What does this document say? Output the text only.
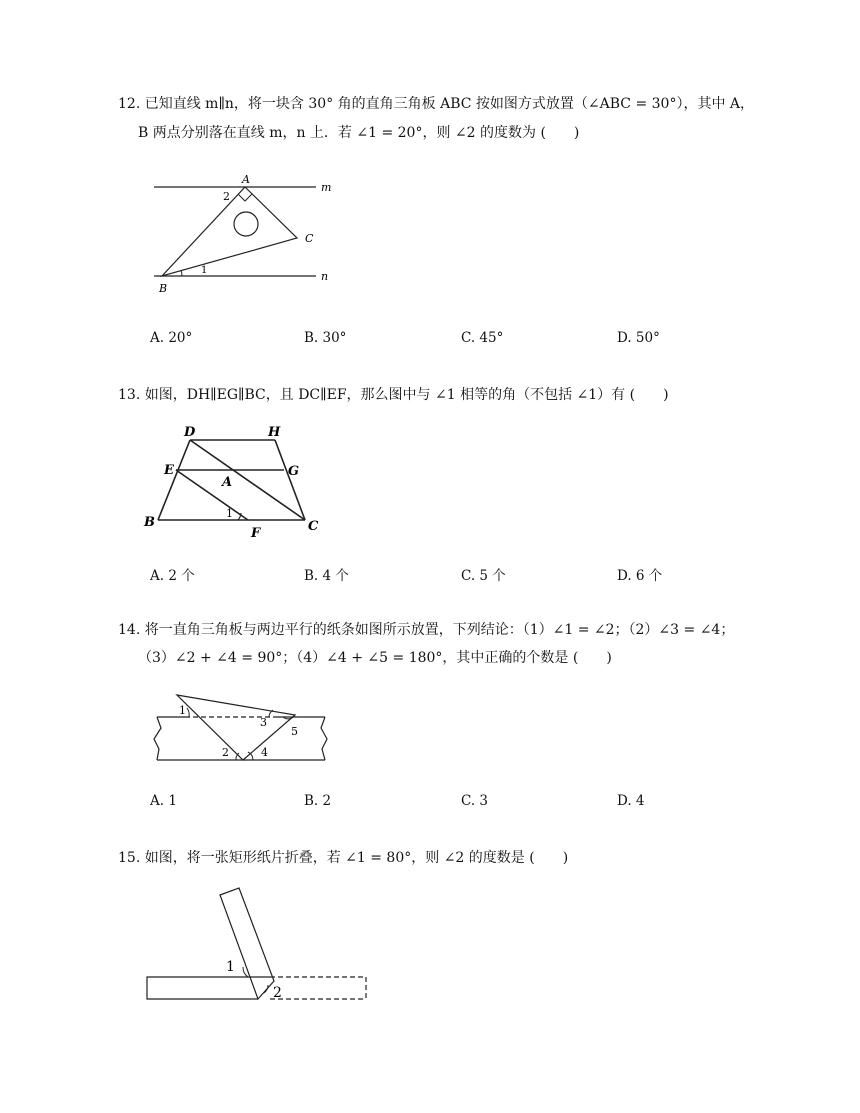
12. 已知直线 m∥n，将一块含 30° 角的直角三角板 ABC 按如图方式放置（∠ABC = 30°），其中 A，
B 两点分别落在直线 m，n 上．若 ∠1 = 20°，则 ∠2 的度数为 (　　)
A
B
C
m
n
2
1
A. 20°	B. 30°	C. 45°	D. 50°
13. 如图，DH∥EG∥BC，且 DC∥EF，那么图中与 ∠1 相等的角（不包括 ∠1）有 (　　)
D	H
E	G
A
B
F	C
1
A. 2 个	B. 4 个	C. 5 个	D. 6 个
14. 将一直角三角板与两边平行的纸条如图所示放置，下列结论：（1）∠1 = ∠2；（2）∠3 = ∠4；
（3）∠2 + ∠4 = 90°；（4）∠4 + ∠5 = 180°，其中正确的个数是 (　　)
1
2
3
4
5
A. 1	B. 2	C. 3	D. 4
15. 如图，将一张矩形纸片折叠，若 ∠1 = 80°，则 ∠2 的度数是 (　　)
1
2
